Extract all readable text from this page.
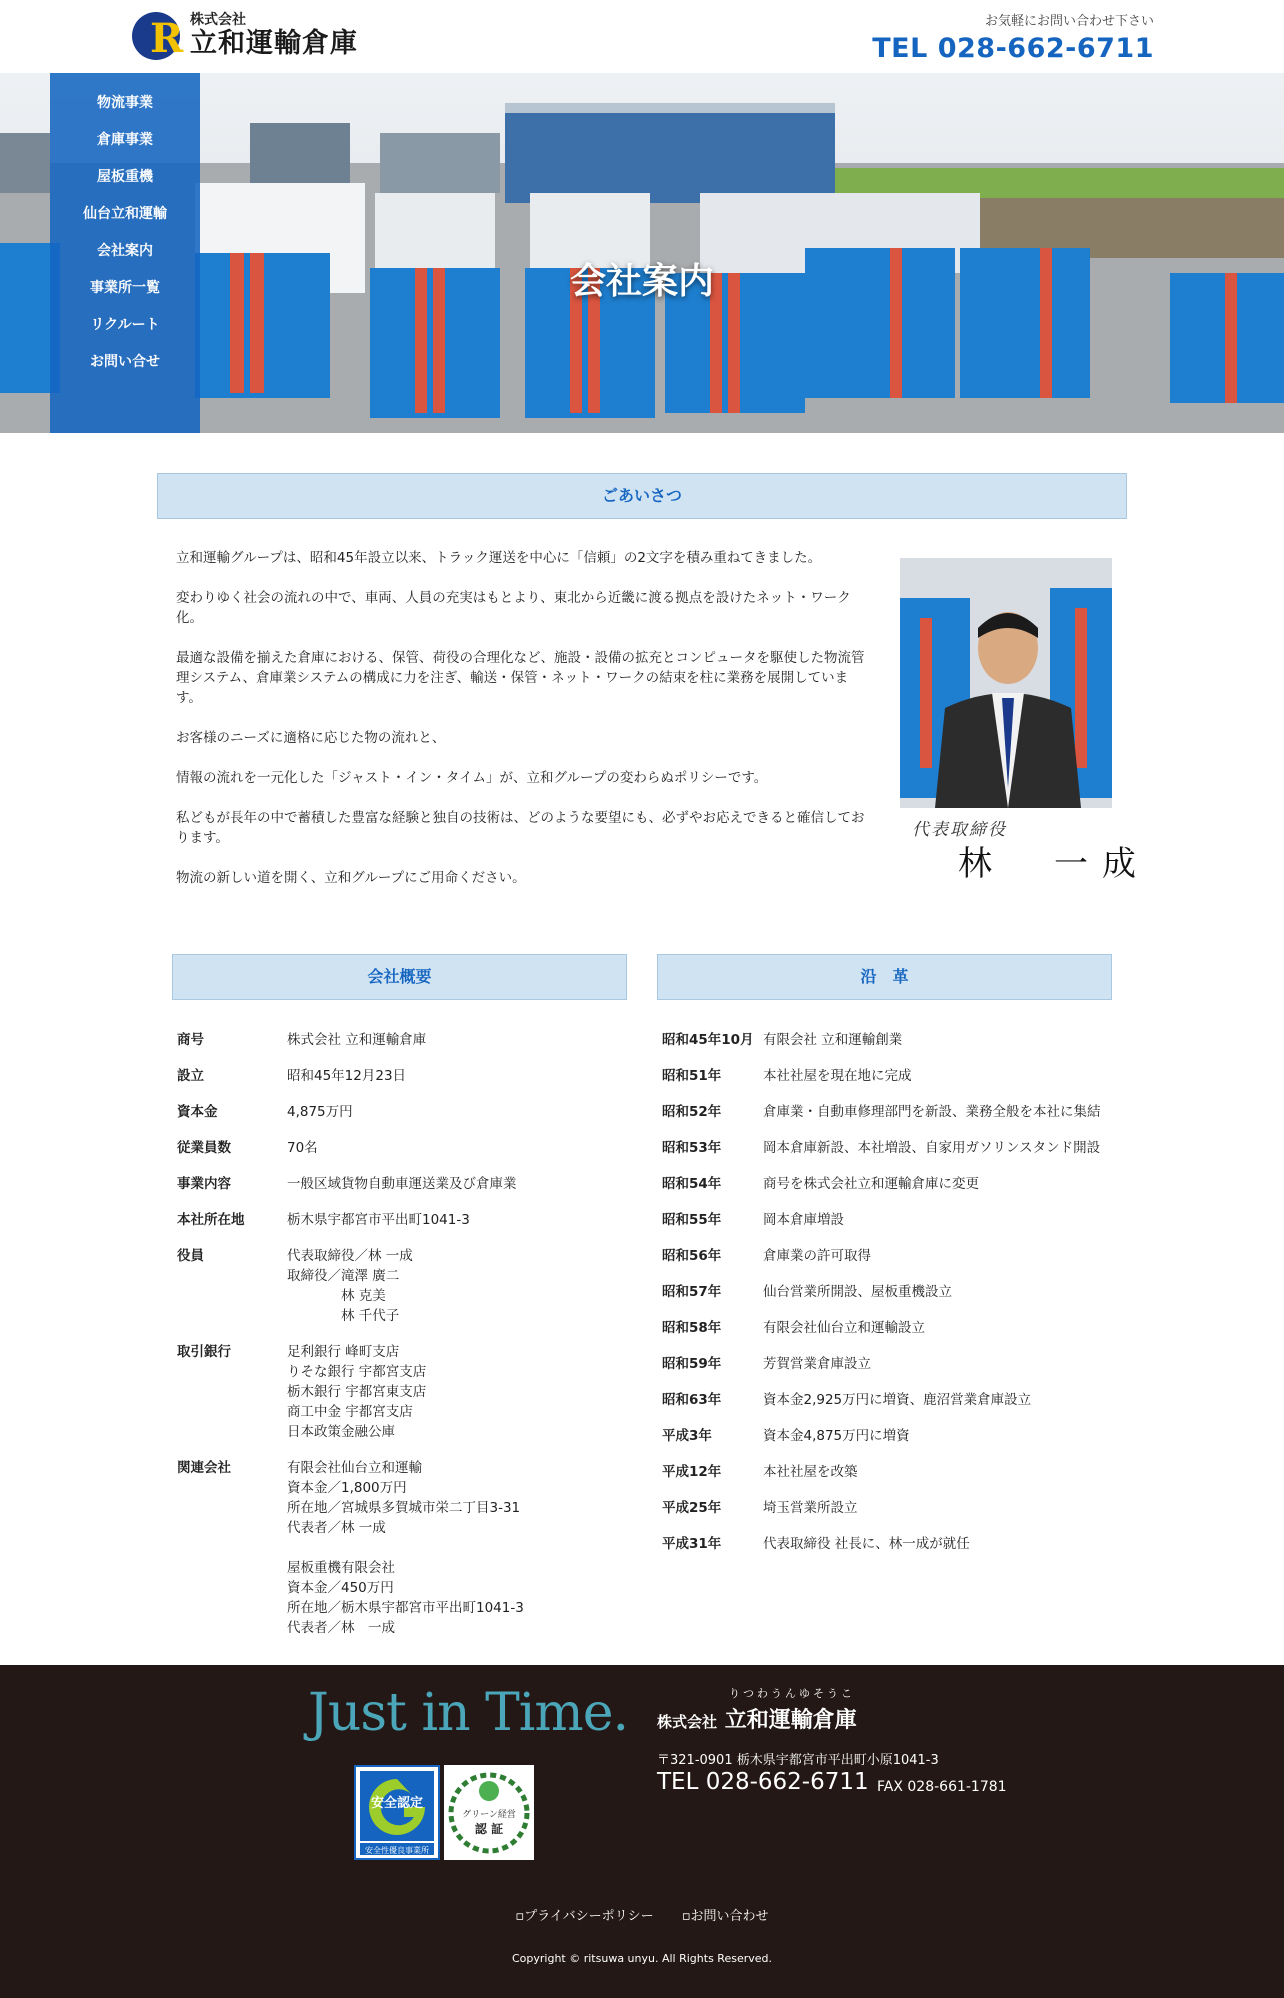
R 株式会社
立和運輸倉庫
お気軽にお問い合わせ下さい
TEL 028-662-6711
会社案内
物流事業
倉庫事業
屋板重機
仙台立和運輸
会社案内
事業所一覧
リクルート
お問い合せ
ごあいさつ

立和運輸グループは、昭和45年設立以来、トラック運送を中心に「信頼」の2文字を積み重ねてきました。

変わりゆく社会の流れの中で、車両、人員の充実はもとより、東北から近畿に渡る拠点を設けたネット・ワーク化。

最適な設備を揃えた倉庫における、保管、荷役の合理化など、施設・設備の拡充とコンピュータを駆使した物流管理システム、倉庫業システムの構成に力を注ぎ、輸送・保管・ネット・ワークの結束を柱に業務を展開しています。

お客様のニーズに適格に応じた物の流れと、

情報の流れを一元化した「ジャスト・イン・タイム」が、立和グループの変わらぬポリシーです。

私どもが長年の中で蓄積した豊富な経験と独自の技術は、どのような要望にも、必ずやお応えできると確信しております。

物流の新しい道を開く、立和グループにご用命ください。

代表取締役
林　一成
会社概要
商号	株式会社 立和運輸倉庫
設立	昭和45年12月23日
資本金	4,875万円
従業員数	70名
事業内容	一般区域貨物自動車運送業及び倉庫業
本社所在地	栃木県宇都宮市平出町1041-3
役員	代表取締役／林 一成
取締役／滝澤 廣二
　　　　林 克美
　　　　林 千代子
取引銀行	足利銀行 峰町支店
りそな銀行 宇都宮支店
栃木銀行 宇都宮東支店
商工中金 宇都宮支店
日本政策金融公庫
関連会社	有限会社仙台立和運輸
資本金／1,800万円
所在地／宮城県多賀城市栄二丁目3-31
代表者／林 一成

屋板重機有限会社
資本金／450万円
所在地／栃木県宇都宮市平出町1041-3
代表者／林　一成
沿　革
昭和45年10月 有限会社 立和運輸創業
昭和51年	本社社屋を現在地に完成
昭和52年	倉庫業・自動車修理部門を新設、業務全般を本社に集結
昭和53年	岡本倉庫新設、本社増設、自家用ガソリンスタンド開設
昭和54年	商号を株式会社立和運輸倉庫に変更
昭和55年	岡本倉庫増設
昭和56年	倉庫業の許可取得
昭和57年	仙台営業所開設、屋板重機設立
昭和58年	有限会社仙台立和運輸設立
昭和59年	芳賀営業倉庫設立
昭和63年	資本金2,925万円に増資、鹿沼営業倉庫設立
平成3年	資本金4,875万円に増資
平成12年	本社社屋を改築
平成25年	埼玉営業所設立
平成31年	代表取締役 社長に、林一成が就任
Just in Time.
安全認定
安全性優良事業所
グリーン経営
認 証
りつわうんゆそうこ
株式会社 立和運輸倉庫
〒321-0901 栃木県宇都宮市平出町小原1041-3
TEL 028-662-6711 FAX 028-661-1781
▫プライバシーポリシー ▫お問い合わせ
Copyright © ritsuwa unyu. All Rights Reserved.
